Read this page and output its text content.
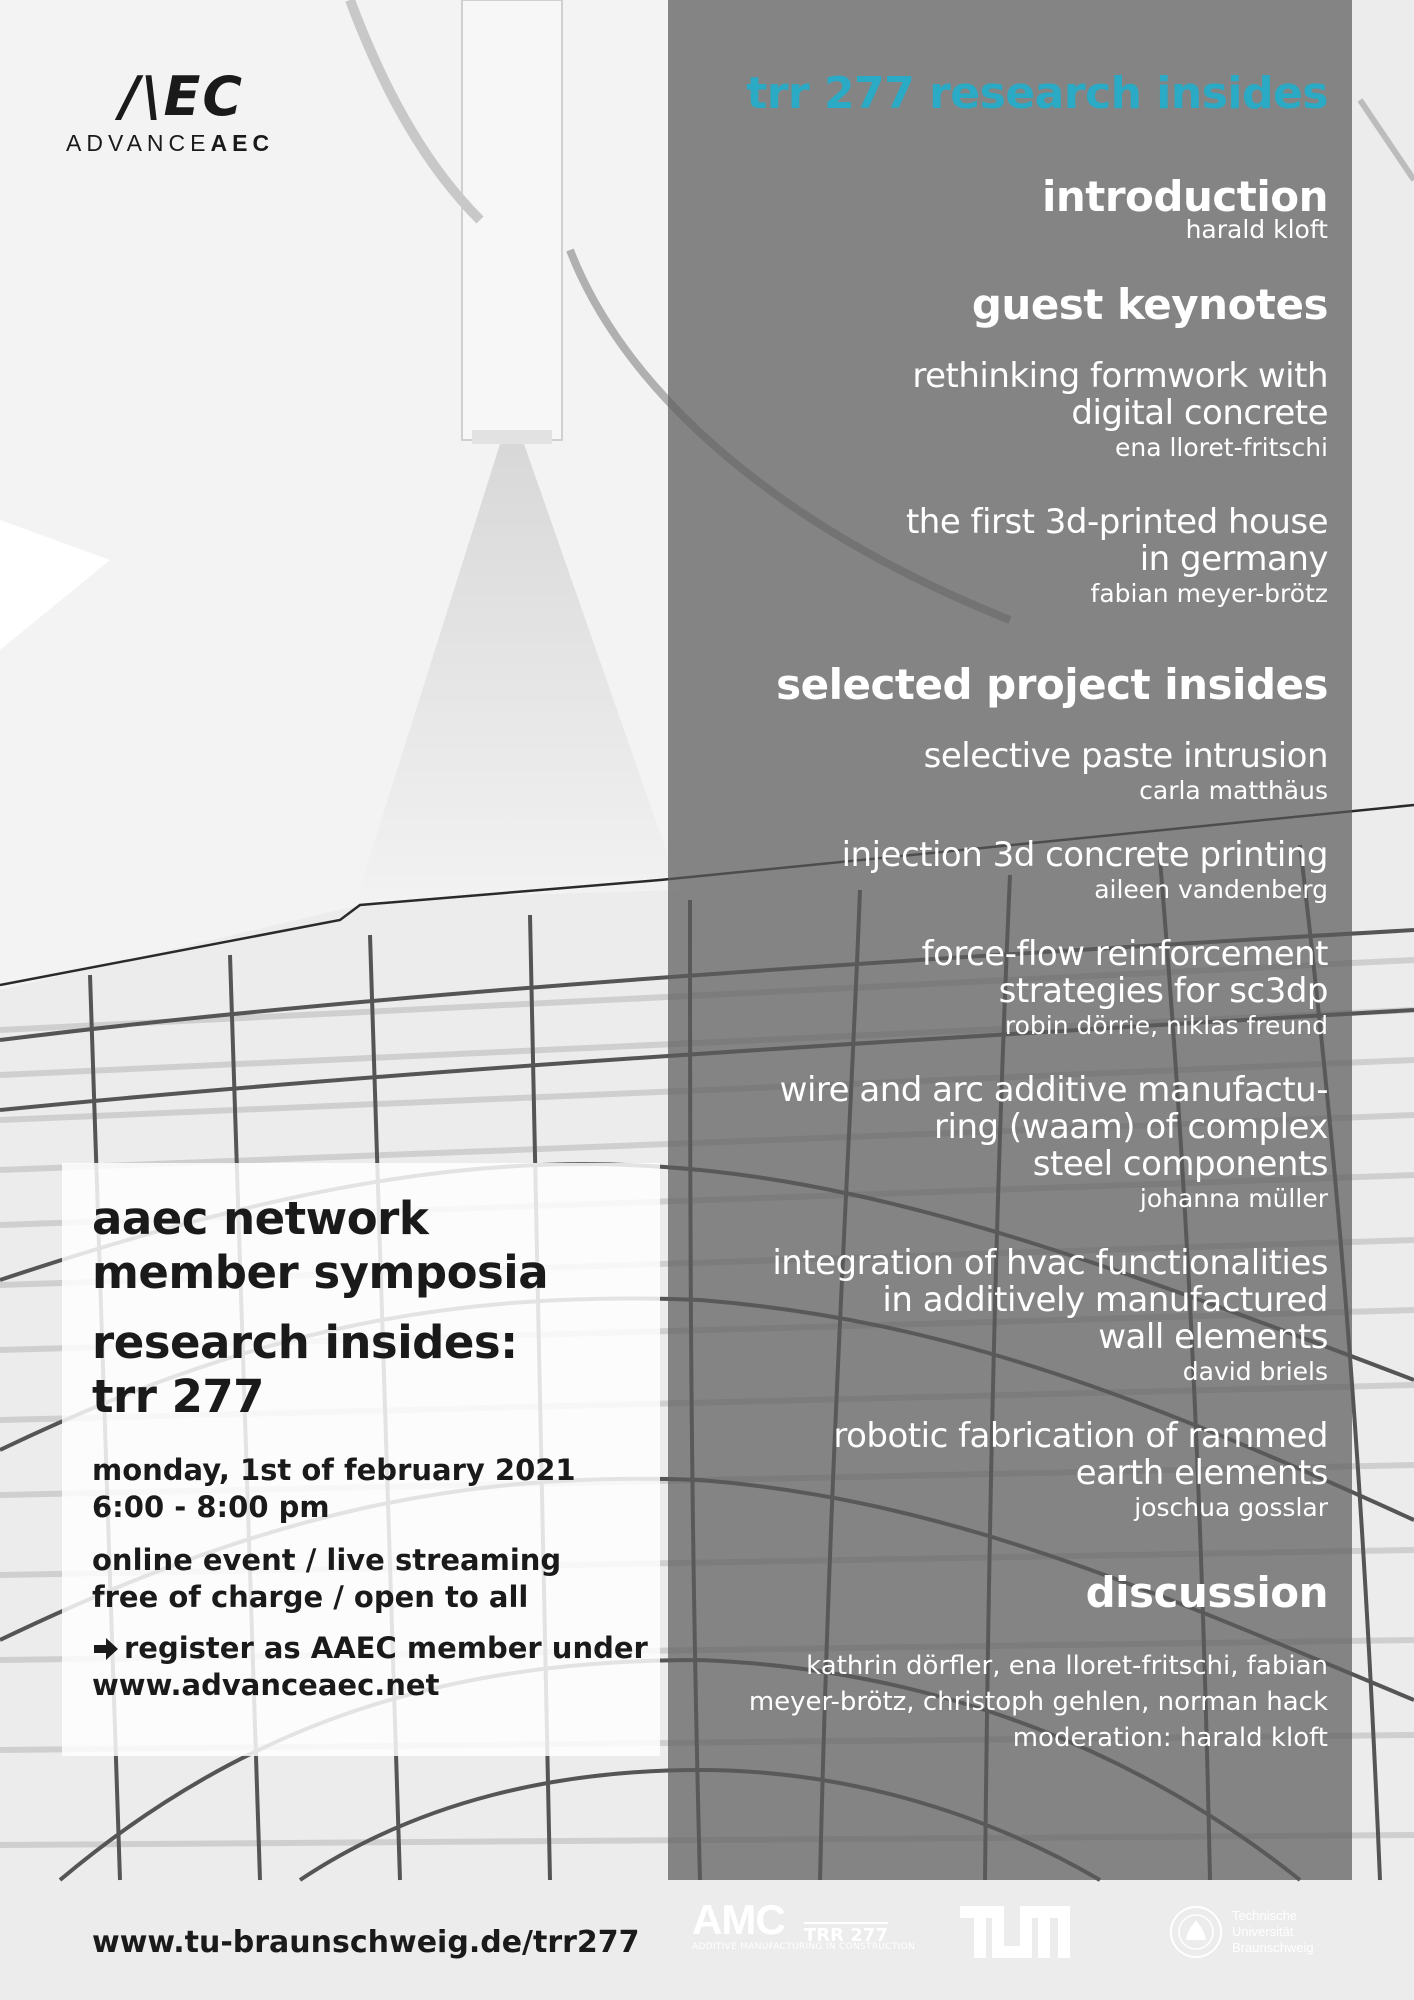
/\EC
ADVANCEAEC
trr 277 research insides
introduction
harald kloft
guest keynotes
rethinking formwork with
digital concrete
ena lloret-fritschi
the first 3d-printed house
in germany
fabian meyer-brötz
selected project insides
selective paste intrusion
carla matthäus
injection 3d concrete printing
aileen vandenberg
force-flow reinforcement
strategies for sc3dp
robin dörrie, niklas freund
wire and arc additive manufactu-
ring (waam) of complex
steel components
johanna müller
integration of hvac functionalities
in additively manufactured
wall elements
david briels
robotic fabrication of rammed
earth elements
joschua gosslar
discussion
kathrin dörfler, ena lloret-fritschi, fabian
meyer-brötz, christoph gehlen, norman hack
moderation: harald kloft
aaec network
member symposia
research insides:
trr 277
monday, 1st of february 2021
6:00 - 8:00 pm
online event / live streaming
free of charge / open to all
register as AAEC member under
www.advanceaec.net
www.tu-braunschweig.de/trr277 AMC	TRR 277
ADDITIVE MANUFACTURING IN CONSTRUCTION
Technische
Universität
Braunschweig
